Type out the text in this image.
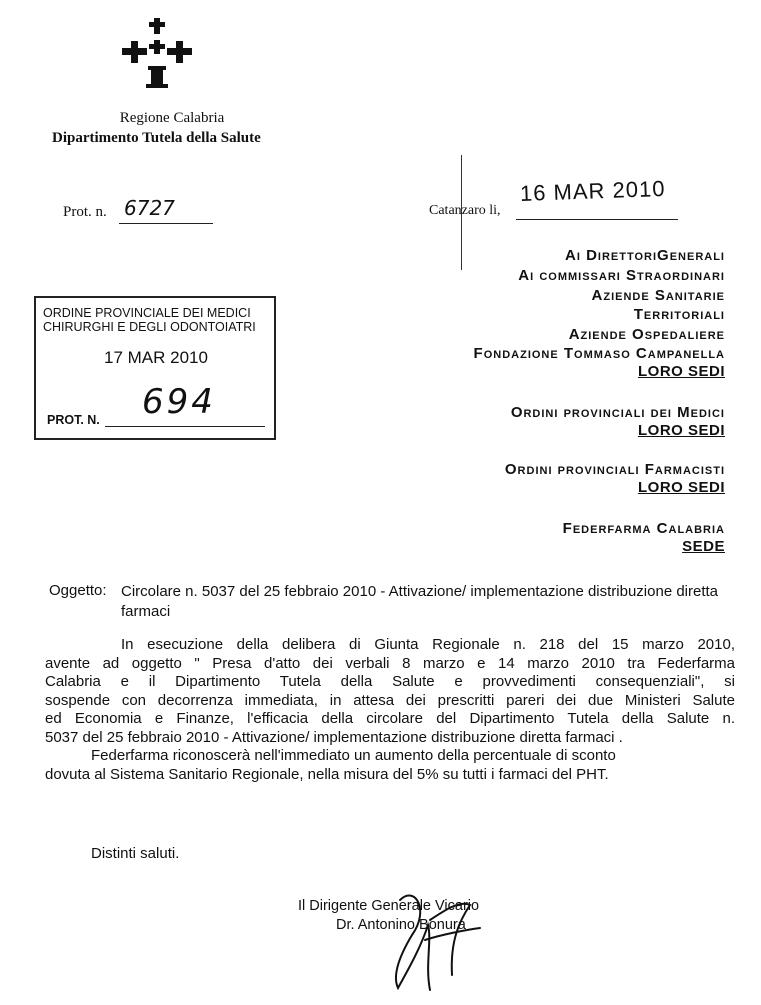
Regione Calabria
Dipartimento Tutela della Salute
Prot. n. 6727	Catanzaro li,
16 MAR 2010
ORDINE PROVINCIALE DEI MEDICI
CHIRURGHI E DEGLI ODONTOIATRI
17 MAR 2010
PROT. N. 694
Ai DirettoriGenerali
Ai commissari Straordinari
Aziende Sanitarie
Territoriali
Aziende Ospedaliere
Fondazione Tommaso Campanella
LORO SEDI
Ordini provinciali dei Medici
LORO SEDI
Ordini provinciali Farmacisti
LORO SEDI
Federfarma Calabria
SEDE
Oggetto: Circolare n. 5037 del 25 febbraio 2010 - Attivazione/ implementazione distribuzione diretta farmaci

In esecuzione della delibera di Giunta Regionale n. 218 del 15 marzo 2010,

avente ad oggetto " Presa d'atto dei verbali 8 marzo e 14 marzo 2010 tra Federfarma

Calabria e il Dipartimento Tutela della Salute e provvedimenti consequenziali", si

sospende con decorrenza immediata, in attesa dei prescritti pareri dei due Ministeri Salute

ed Economia e Finanze, l'efficacia della circolare del Dipartimento Tutela della Salute n.

5037 del 25 febbraio 2010 - Attivazione/ implementazione distribuzione diretta farmaci .

Federfarma riconoscerà nell'immediato un aumento della percentuale di sconto

dovuta al Sistema Sanitario Regionale, nella misura del 5% su tutti i farmaci del PHT.

Distinti saluti.
Il Dirigente Generale Vicario
Dr. Antonino Bonura
